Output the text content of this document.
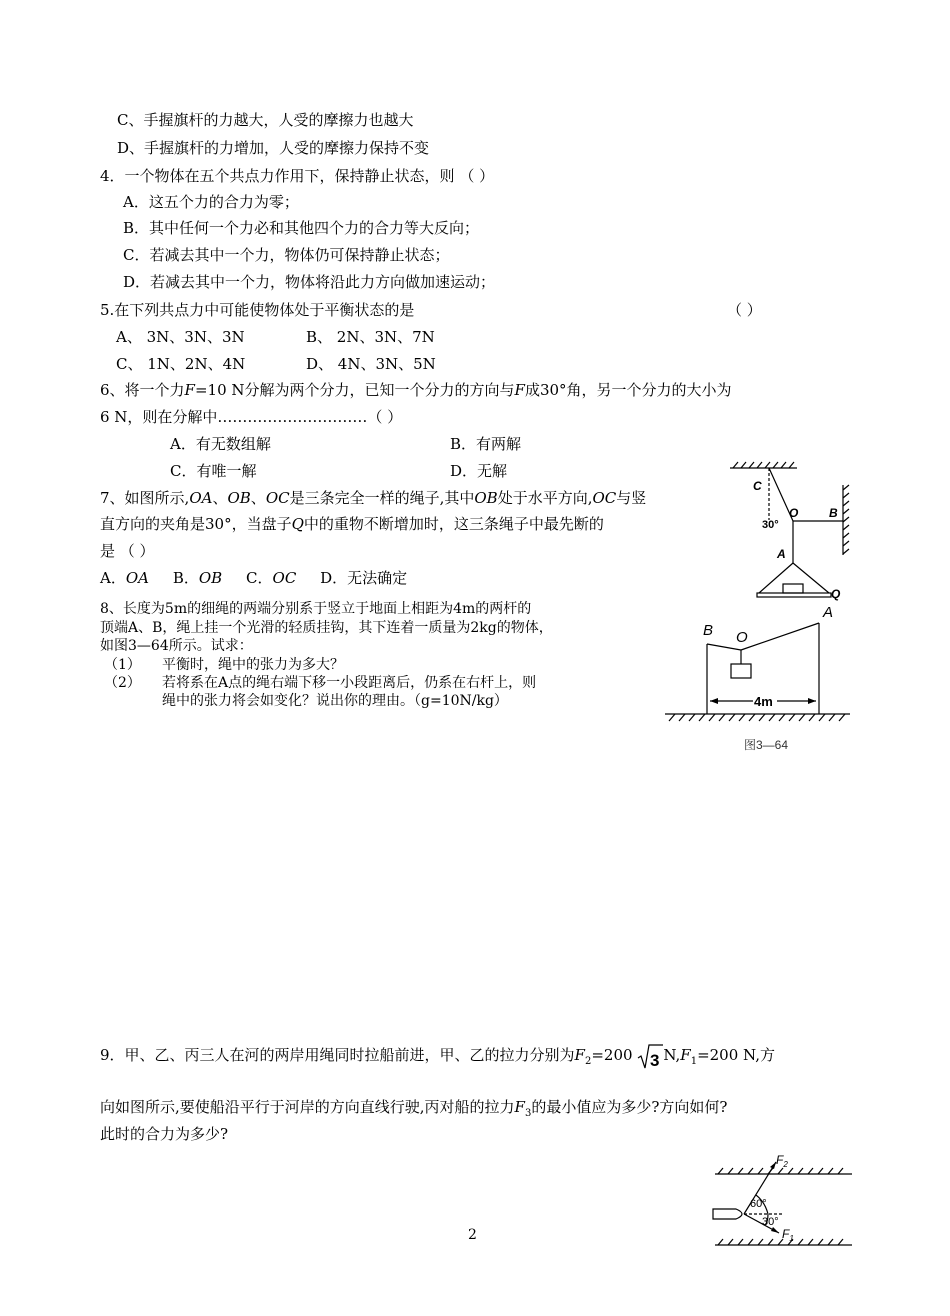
C、手握旗杆的力越大，人受的摩擦力也越大
D、手握旗杆的力增加，人受的摩擦力保持不变
4．一个物体在五个共点力作用下，保持静止状态，则 （ ）
A．这五个力的合力为零；
B．其中任何一个力必和其他四个力的合力等大反向；
C．若减去其中一个力，物体仍可保持静止状态；
D．若减去其中一个力，物体将沿此力方向做加速运动；
5.在下列共点力中可能使物体处于平衡状态的是	（ ）
A、 3N、3N、3N	B、 2N、3N、7N
C、 1N、2N、4N	D、 4N、3N、5N
6、将一个力F=10 N分解为两个分力，已知一个分力的方向与F成30°角，另一个分力的大小为
6 N，则在分解中…………………………（ ）
A．有无数组解	B．有两解
C．有唯一解	D．无解
7、如图所示,OA、OB、OC是三条完全一样的绳子,其中OB处于水平方向,OC与竖
直方向的夹角是30°，当盘子Q中的重物不断增加时，这三条绳子中最先断的
是 （ ）
A．OA B．OB C．OC D．无法确定
C
30°
O	B
A
Q
8、长度为5m的细绳的两端分别系于竖立于地面上相距为4m的两杆的
顶端A、B，绳上挂一个光滑的轻质挂钩，其下连着一质量为2kg的物体，
如图3—64所示。试求：
（1） 平衡时，绳中的张力为多大？
（2） 若将系在A点的绳右端下移一小段距离后，仍系在右杆上，则
绳中的张力将会如变化？说出你的理由。（g=10N/kg）	4m
B O
A
图3—64
9．甲、乙、丙三人在河的两岸用绳同时拉船前进，甲、乙的拉力分别为$F_2=200$ 3 $N,F_1=200$ N,方
向如图所示,要使船沿平行于河岸的方向直线行驶,丙对船的拉力$F_3$的最小值应为多少?方向如何?
此时的合力为多少?
$F_2$
60°
30°
$F_1$
2
